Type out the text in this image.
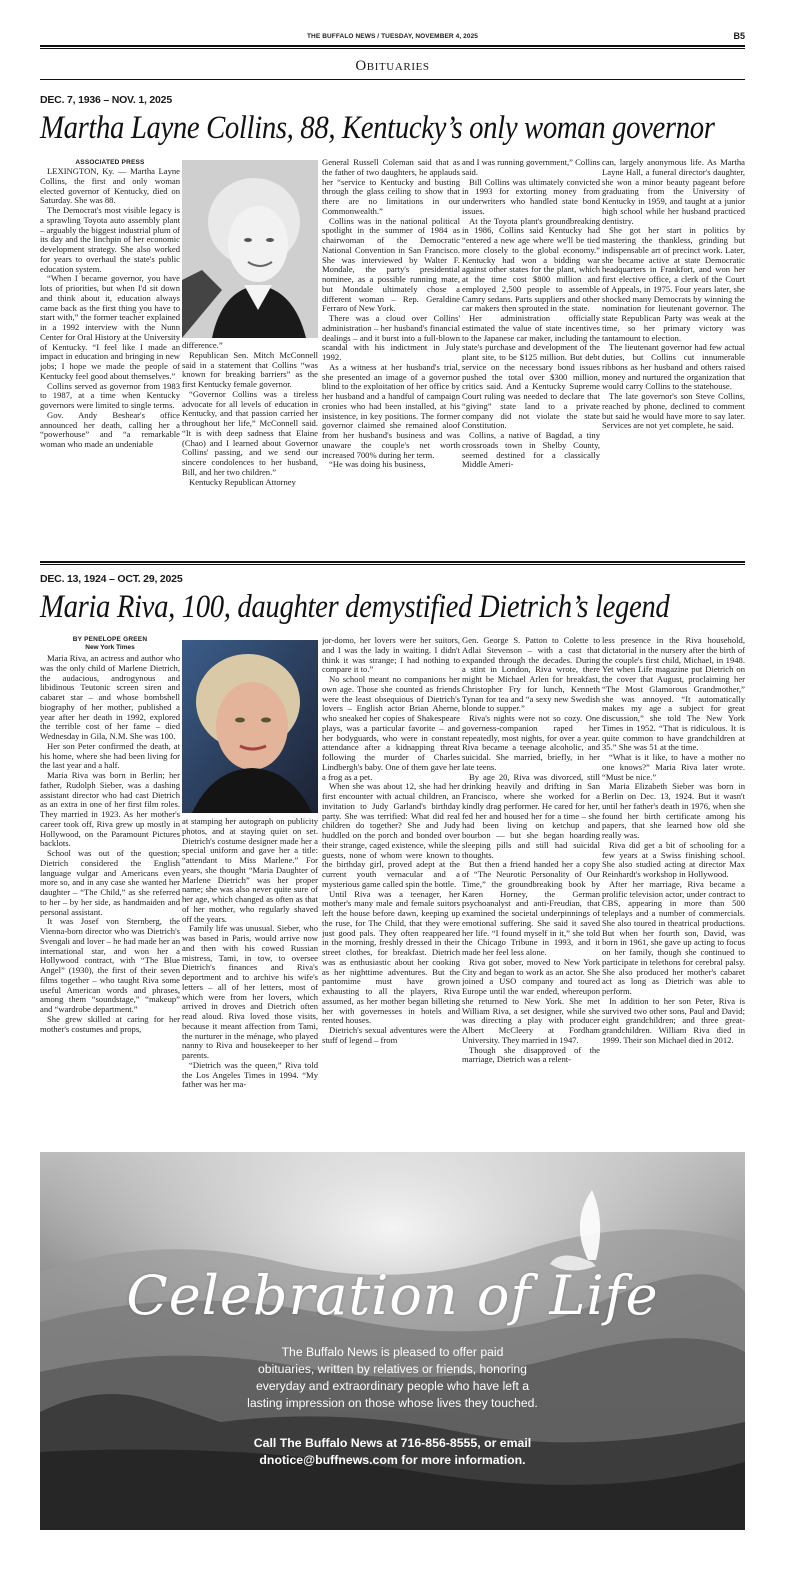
THE BUFFALO NEWS / TUESDAY, NOVEMBER 4, 2025	B5
Obituaries
DEC. 7, 1936 – NOV. 1, 2025
Martha Layne Collins, 88, Kentucky’s only woman governor
ASSOCIATED PRESS

LEXINGTON, Ky. — Martha Layne Collins, the first and only woman elected governor of Kentucky, died on Saturday. She was 88.

The Democrat's most visible legacy is a sprawling Toyota auto assembly plant – arguably the biggest industrial plum of its day and the linchpin of her economic development strategy. She also worked for years to overhaul the state's public education system.

“When I became governor, you have lots of priorities, but when I'd sit down and think about it, education always came back as the first thing you have to start with,” the former teacher explained in a 1992 interview with the Nunn Center for Oral History at the University of Kentucky. “I feel like I made an impact in education and bringing in new jobs; I hope we made the people of Kentucky feel good about themselves.”

Collins served as governor from 1983 to 1987, at a time when Kentucky governors were limited to single terms.

Gov. Andy Beshear's office announced her death, calling her a “powerhouse” and “a remarkable woman who made an undeniable

difference.”

Republican Sen. Mitch McConnell said in a statement that Collins “was known for breaking barriers” as the first Kentucky female governor.

“Governor Collins was a tireless advocate for all levels of education in Kentucky, and that passion carried her throughout her life,” McConnell said. “It is with deep sadness that Elaine (Chao) and I learned about Governor Collins' passing, and we send our sincere condolences to her husband, Bill, and her two children.”

Kentucky Republican Attorney

General Russell Coleman said that as the father of two daughters, he applauds her “service to Kentucky and busting through the glass ceiling to show that there are no limitations in our Commonwealth.”

Collins was in the national political spotlight in the summer of 1984 as chairwoman of the Democratic National Convention in San Francisco. She was interviewed by Walter F. Mondale, the party's presidential nominee, as a possible running mate, but Mondale ultimately chose a different woman – Rep. Geraldine Ferraro of New York.

There was a cloud over Collins' administration – her husband's financial dealings – and it burst into a full-blown scandal with his indictment in July 1992.

As a witness at her husband's trial, she presented an image of a governor blind to the exploitation of her office by her husband and a handful of campaign cronies who had been installed, at his insistence, in key positions. The former governor claimed she remained aloof from her husband's business and was unaware the couple's net worth increased 700% during her term.

“He was doing his business,

and I was running government,” Collins said.

Bill Collins was ultimately convicted in 1993 for extorting money from underwriters who handled state bond issues.

At the Toyota plant's groundbreaking in 1986, Collins said Kentucky had “entered a new age where we'll be tied more closely to the global economy.” Kentucky had won a bidding war against other states for the plant, which at the time cost $800 million and employed 2,500 people to assemble Camry sedans. Parts suppliers and other car makers then sprouted in the state.

Her administration officially estimated the value of state incentives to the Japanese car maker, including the state's purchase and development of the plant site, to be $125 million. But debt service on the necessary bond issues pushed the total over $300 million, critics said. And a Kentucky Supreme Court ruling was needed to declare that “giving” state land to a private company did not violate the state Constitution.

Collins, a native of Bagdad, a tiny crossroads town in Shelby County, seemed destined for a classically Middle Ameri-

can, largely anonymous life. As Martha Layne Hall, a funeral director's daughter, she won a minor beauty pageant before graduating from the University of Kentucky in 1959, and taught at a junior high school while her husband practiced dentistry.

She got her start in politics by mastering the thankless, grinding but indispensable art of precinct work. Later, she became active at state Democratic headquarters in Frankfort, and won her first elective office, a clerk of the Court of Appeals, in 1975. Four years later, she shocked many Democrats by winning the nomination for lieutenant governor. The state Republican Party was weak at the time, so her primary victory was tantamount to election.

The lieutenant governor had few actual duties, but Collins cut innumerable ribbons as her husband and others raised money and nurtured the organization that would carry Collins to the statehouse.

The late governor's son Steve Collins, reached by phone, declined to comment but said he would have more to say later. Services are not yet complete, he said.

DEC. 13, 1924 – OCT. 29, 2025
Maria Riva, 100, daughter demystified Dietrich’s legend
BY PENELOPE GREEN
New York Times

Maria Riva, an actress and author who was the only child of Marlene Dietrich, the audacious, androgynous and libidinous Teutonic screen siren and cabaret star – and whose bombshell biography of her mother, published a year after her death in 1992, explored the terrible cost of her fame – died Wednesday in Gila, N.M. She was 100.

Her son Peter confirmed the death, at his home, where she had been living for the last year and a half.

Maria Riva was born in Berlin; her father, Rudolph Sieber, was a dashing assistant director who had cast Dietrich as an extra in one of her first film roles. They married in 1923. As her mother's career took off, Riva grew up mostly in Hollywood, on the Paramount Pictures backlots.

School was out of the question; Dietrich considered the English language vulgar and Americans even more so, and in any case she wanted her daughter – “The Child,” as she referred to her – by her side, as handmaiden and personal assistant.

It was Josef von Sternberg, the Vienna-born director who was Dietrich's Svengali and lover – he had made her an international star, and won her a Hollywood contract, with “The Blue Angel” (1930), the first of their seven films together – who taught Riva some useful American words and phrases, among them “soundstage,” “makeup” and “wardrobe department.”

She grew skilled at caring for her mother's costumes and props,

at stamping her autograph on publicity photos, and at staying quiet on set. Dietrich's costume designer made her a special uniform and gave her a title: “attendant to Miss Marlene.” For years, she thought “Maria Daughter of Marlene Dietrich” was her proper name; she was also never quite sure of her age, which changed as often as that of her mother, who regularly shaved off the years.

Family life was unusual. Sieber, who was based in Paris, would arrive now and then with his cowed Russian mistress, Tami, in tow, to oversee Dietrich's finances and Riva's deportment and to archive his wife's letters – all of her letters, most of which were from her lovers, which arrived in droves and Dietrich often read aloud. Riva loved those visits, because it meant affection from Tami, the nurturer in the ménage, who played nanny to Riva and housekeeper to her parents.

“Dietrich was the queen,” Riva told the Los Angeles Times in 1994. “My father was her ma-

jor-domo, her lovers were her suitors, and I was the lady in waiting. I didn't think it was strange; I had nothing to compare it to.”

No school meant no companions her own age. Those she counted as friends were the least obsequious of Dietrich's lovers – English actor Brian Aherne, who sneaked her copies of Shakespeare plays, was a particular favorite – and her bodyguards, who were in constant attendance after a kidnapping threat following the murder of Charles Lindbergh's baby. One of them gave her a frog as a pet.

When she was about 12, she had her first encounter with actual children, an invitation to Judy Garland's birthday party. She was terrified: What did real children do together? She and Judy huddled on the porch and bonded over their strange, caged existence, while the guests, none of whom were known to the birthday girl, proved adept at the current youth vernacular and a mysterious game called spin the bottle.

Until Riva was a teenager, her mother's many male and female suitors left the house before dawn, keeping up the ruse, for The Child, that they were just good pals. They often reappeared in the morning, freshly dressed in their street clothes, for breakfast. Dietrich was as enthusiastic about her cooking as her nighttime adventures. But the pantomime must have grown exhausting to all the players, Riva assumed, as her mother began billeting her with governesses in hotels and rented houses.

Dietrich's sexual adventures were the stuff of legend – from

Gen. George S. Patton to Colette to Adlai Stevenson – with a cast that expanded through the decades. During a stint in London, Riva wrote, there might be Michael Arlen for breakfast, Christopher Fry for lunch, Kenneth Tynan for tea and “a sexy new Swedish blonde to supper.”

Riva's nights were not so cozy. One governess-companion raped her repeatedly, most nights, for over a year. Riva became a teenage alcoholic, and suicidal. She married, briefly, in her late teens.

By age 20, Riva was divorced, still drinking heavily and drifting in San Francisco, where she worked for a kindly drag performer. He cared for her, fed her and housed her for a time – she had been living on ketchup and bourbon — but she began hoarding sleeping pills and still had suicidal thoughts.

But then a friend handed her a copy of “The Neurotic Personality of Our Time,” the groundbreaking book by Karen Horney, the German psychoanalyst and anti-Freudian, that examined the societal underpinnings of emotional suffering. She said it saved her life. “I found myself in it,” she told the Chicago Tribune in 1993, and it made her feel less alone.

Riva got sober, moved to New York City and began to work as an actor. She joined a USO company and toured Europe until the war ended, whereupon she returned to New York. She met William Riva, a set designer, while she was directing a play with producer Albert McCleery at Fordham University. They married in 1947.

Though she disapproved of the marriage, Dietrich was a relent-

less presence in the Riva household, dictatorial in the nursery after the birth of the couple's first child, Michael, in 1948. Yet when Life magazine put Dietrich on the cover that August, proclaiming her “The Most Glamorous Grandmother,” she was annoyed. “It automatically makes my age a subject for great discussion,” she told The New York Times in 1952. “That is ridiculous. It is quite common to have grandchildren at 35.” She was 51 at the time.

“What is it like, to have a mother no one knows?” Maria Riva later wrote. “Must be nice.”

Maria Elizabeth Sieber was born in Berlin on Dec. 13, 1924. But it wasn't until her father's death in 1976, when she found her birth certificate among his papers, that she learned how old she really was.

Riva did get a bit of schooling for a few years at a Swiss finishing school. She also studied acting at director Max Reinhardt's workshop in Hollywood.

After her marriage, Riva became a prolific television actor, under contract to CBS, appearing in more than 500 teleplays and a number of commercials. She also toured in theatrical productions. But when her fourth son, David, was born in 1961, she gave up acting to focus on her family, though she continued to participate in telethons for cerebral palsy. She also produced her mother's cabaret act as long as Dietrich was able to perform.

In addition to her son Peter, Riva is survived two other sons, Paul and David; eight grandchildren; and three great-grandchildren. William Riva died in 1999. Their son Michael died in 2012.

Celebration of Life
The Buffalo News is pleased to offer paid
obituaries, written by relatives or friends, honoring
everyday and extraordinary people who have left a
lasting impression on those whose lives they touched.
Call The Buffalo News at 716-856-8555, or email
dnotice@buffnews.com for more information.
